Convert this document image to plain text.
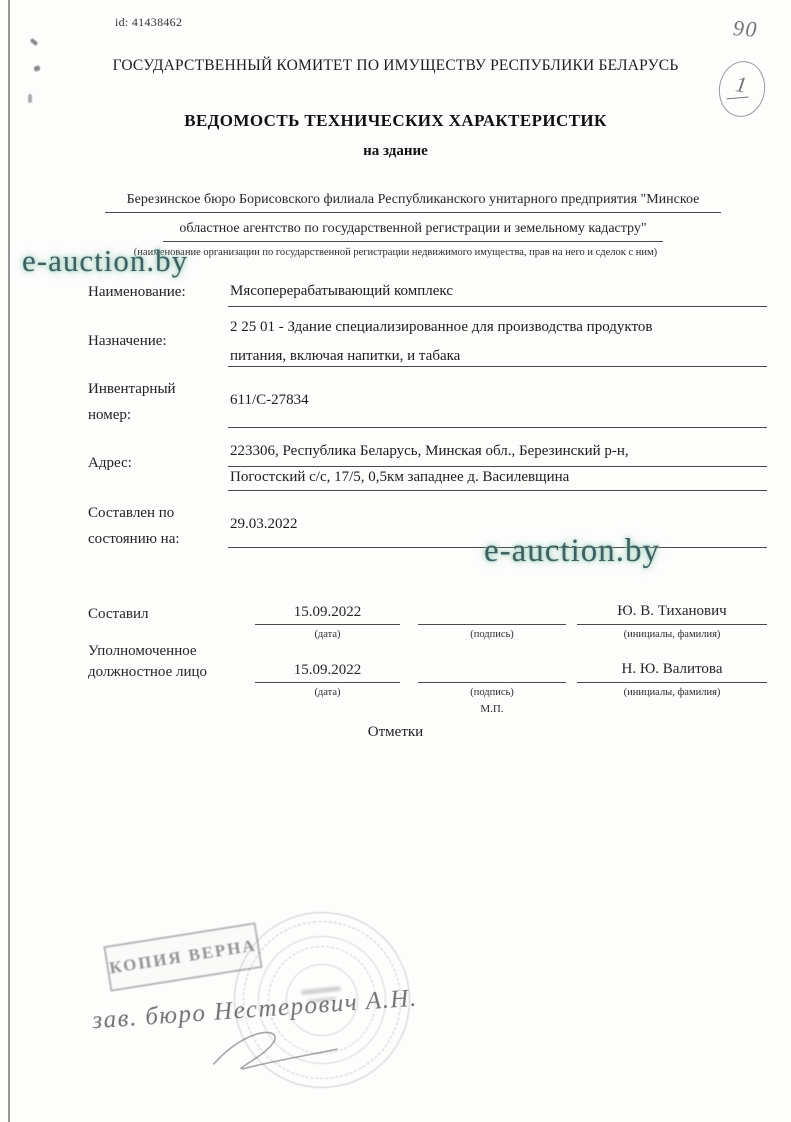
id: 41438462	90
ГОСУДАРСТВЕННЫЙ КОМИТЕТ ПО ИМУЩЕСТВУ РЕСПУБЛИКИ БЕЛАРУСЬ
1
ВЕДОМОСТЬ ТЕХНИЧЕСКИХ ХАРАКТЕРИСТИК
на здание
Березинское бюро Борисовского филиала Республиканского унитарного предприятия "Минское
областное агентство по государственной регистрации и земельному кадастру"
(наименование организации по государственной регистрации недвижимого имущества, прав на него и сделок с ним)
e-auction.by
Наименование:	Мясоперерабатывающий комплекс
Назначение:
2 25 01 - Здание специализированное для производства продуктов
питания, включая напитки, и табака
Инвентарный
номер:
611/С-27834
Адрес:
223306, Республика Беларусь, Минская обл., Березинский р-н,
Погостский с/с, 17/5, 0,5км западнее д. Василевщина
Составлен по
состоянию на:
29.03.2022
e-auction.by
Составил	15.09.2022	Ю. В. Тиханович
(дата)	(подпись)	(инициалы, фамилия)
Уполномоченное
должностное лицо	15.09.2022	Н. Ю. Валитова
(дата)	(подпись)	(инициалы, фамилия)
М.П.
Отметки
КОПИЯ ВЕРНА
зав. бюро Нестерович А.Н.
